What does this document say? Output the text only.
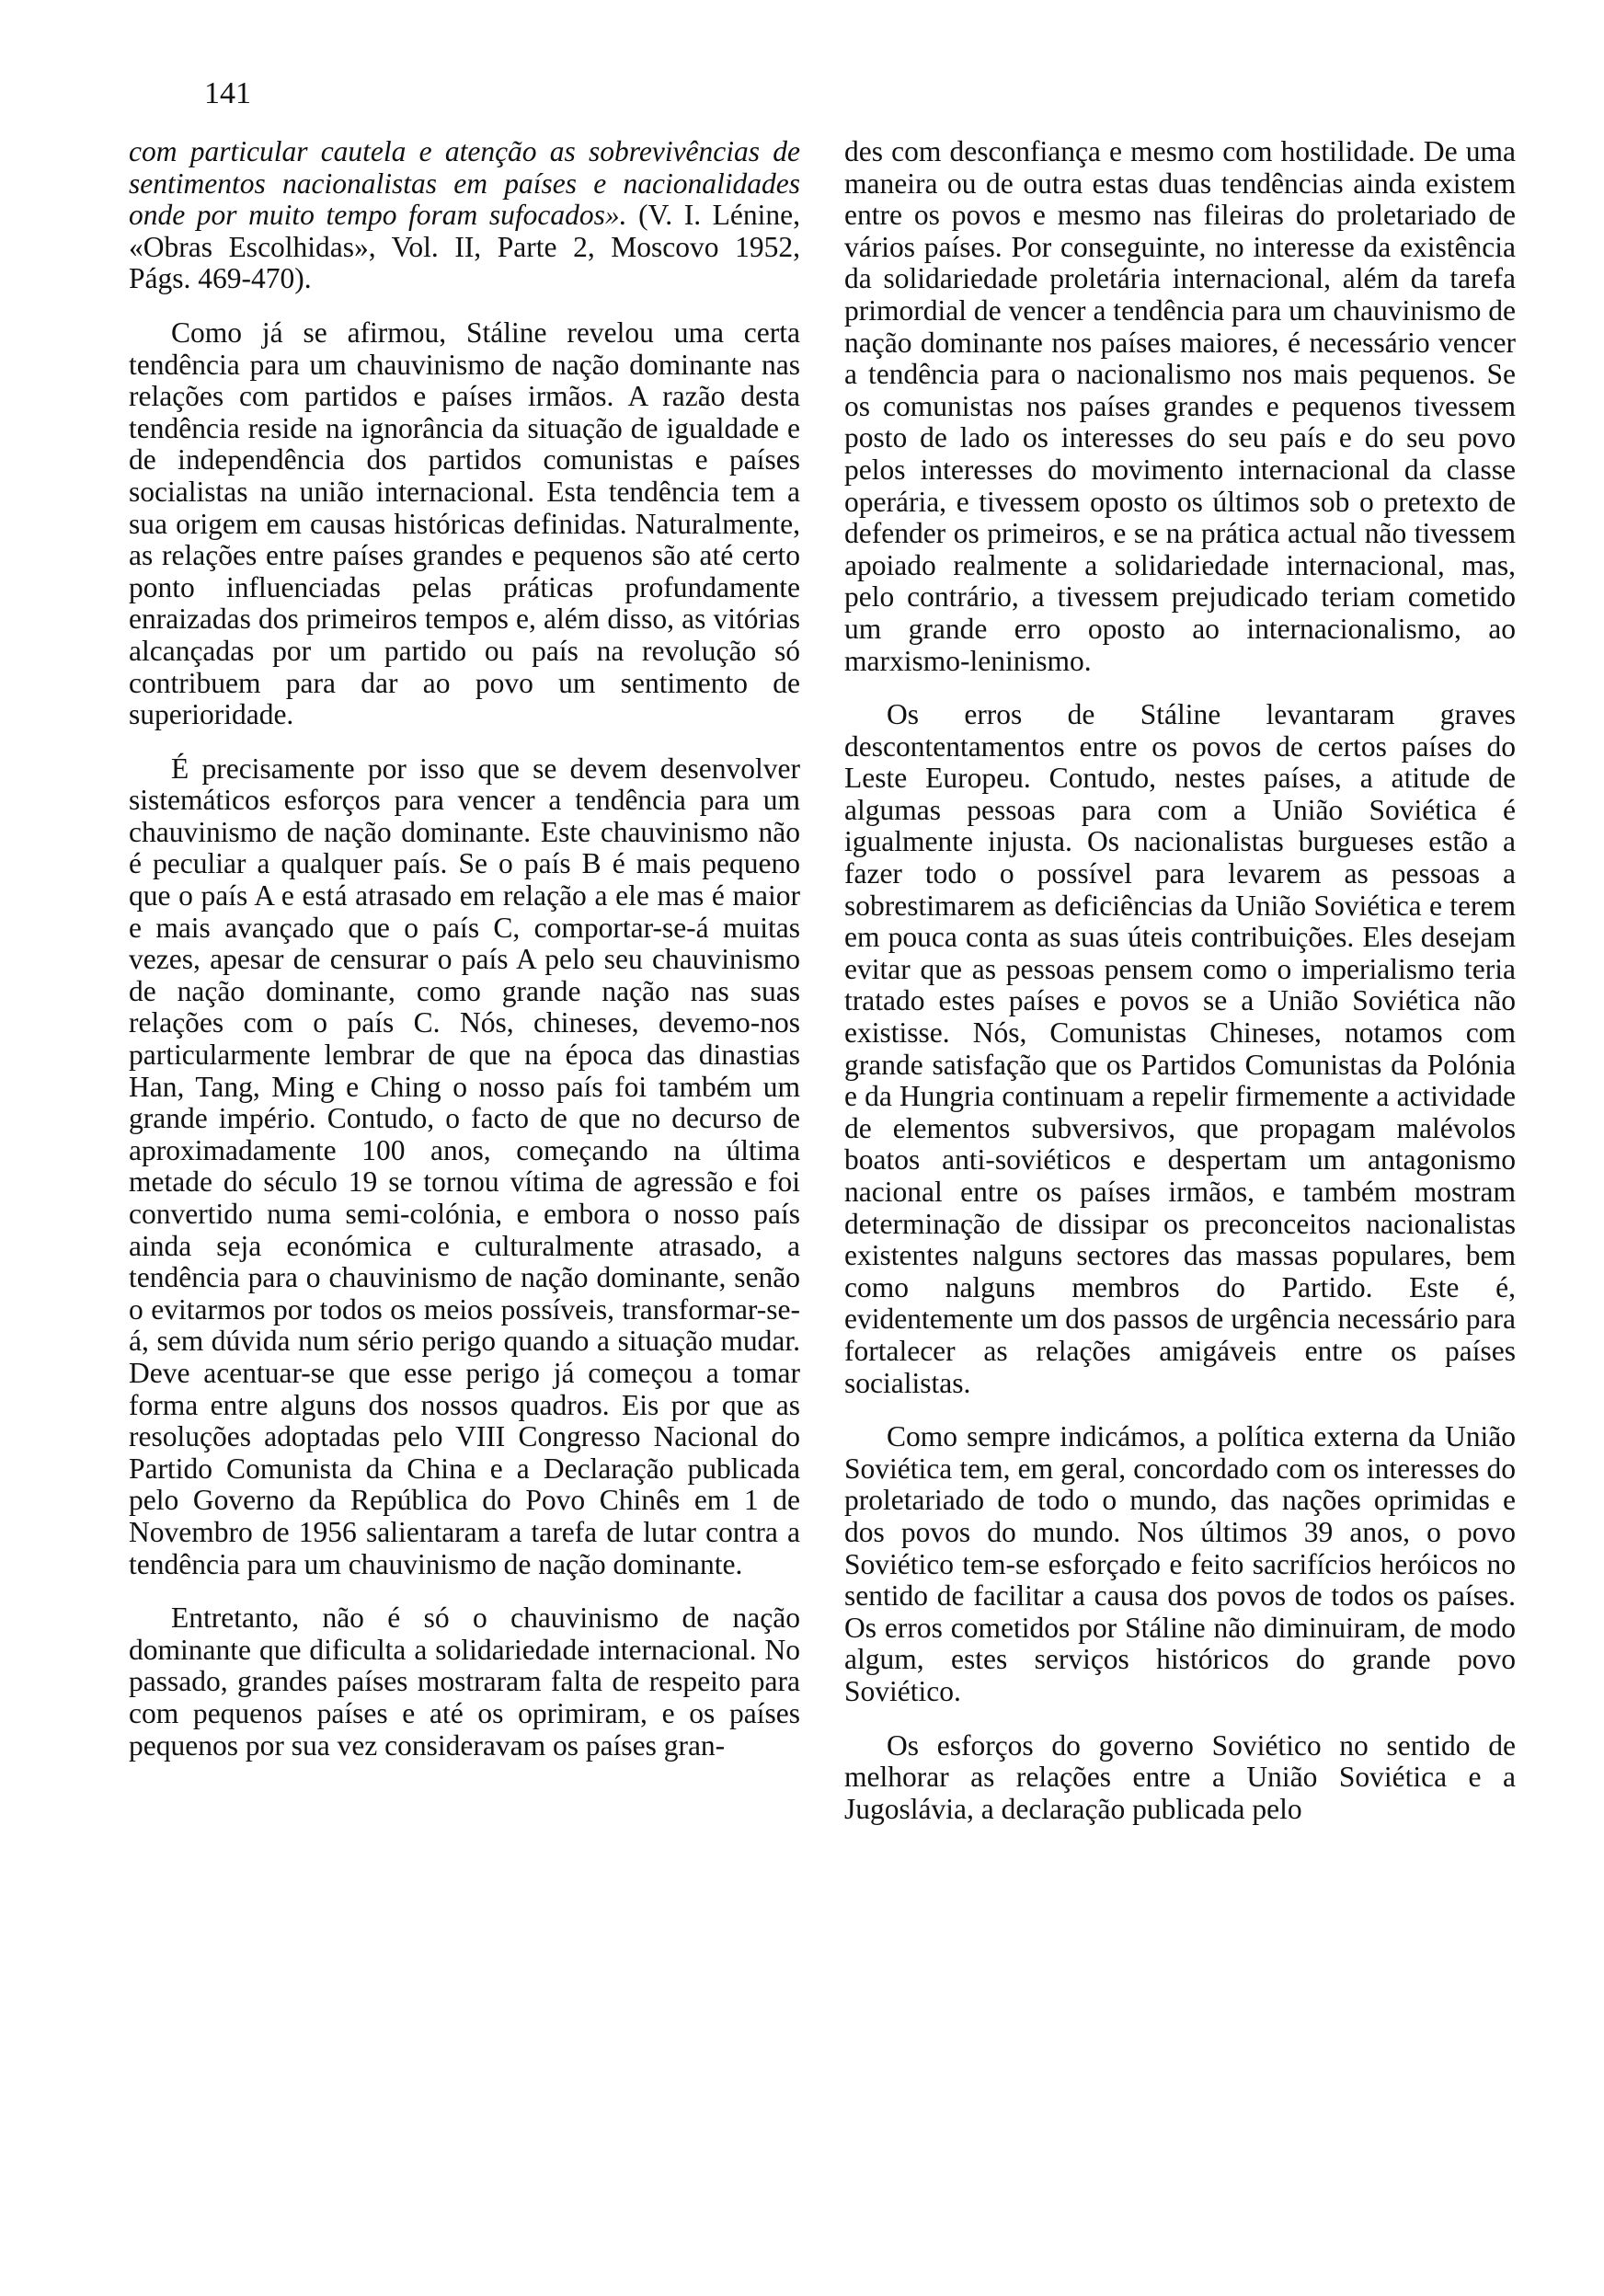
141

com particular cautela e atenção as sobrevivências de sentimentos nacionalistas em países e nacionalidades onde por muito tempo foram sufocados». (V. I. Lénine, «Obras Escolhidas», Vol. II, Parte 2, Moscovo 1952, Págs. 469-470).

Como já se afirmou, Stáline revelou uma certa tendência para um chauvinismo de nação dominante nas relações com partidos e países irmãos. A razão desta tendência reside na ignorância da situação de igualdade e de independência dos partidos comunistas e países socialistas na união internacional. Esta tendência tem a sua origem em causas históricas definidas. Naturalmente, as relações entre países grandes e pequenos são até certo ponto influenciadas pelas práticas profundamente enraizadas dos primeiros tempos e, além disso, as vitórias alcançadas por um partido ou país na revolução só contribuem para dar ao povo um sentimento de superioridade.

É precisamente por isso que se devem desenvolver sistemáticos esforços para vencer a tendência para um chauvinismo de nação dominante. Este chauvinismo não é peculiar a qualquer país. Se o país B é mais pequeno que o país A e está atrasado em relação a ele mas é maior e mais avançado que o país C, comportar-se-á muitas vezes, apesar de censurar o país A pelo seu chauvinismo de nação dominante, como grande nação nas suas relações com o país C. Nós, chineses, devemo-nos particularmente lembrar de que na época das dinastias Han, Tang, Ming e Ching o nosso país foi também um grande império. Contudo, o facto de que no decurso de aproximadamente 100 anos, começando na última metade do século 19 se tornou vítima de agressão e foi convertido numa semi-colónia, e embora o nosso país ainda seja económica e culturalmente atrasado, a tendência para o chauvinismo de nação dominante, senão o evitarmos por todos os meios possíveis, transformar-se-á, sem dúvida num sério perigo quando a situação mudar. Deve acentuar-se que esse perigo já começou a tomar forma entre alguns dos nossos quadros. Eis por que as resoluções adoptadas pelo VIII Congresso Nacional do Partido Comunista da China e a Declaração publicada pelo Governo da República do Povo Chinês em 1 de Novembro de 1956 salientaram a tarefa de lutar contra a tendência para um chauvinismo de nação dominante.

Entretanto, não é só o chauvinismo de nação dominante que dificulta a solidariedade internacional. No passado, grandes países mostraram falta de respeito para com pequenos países e até os oprimiram, e os países pequenos por sua vez consideravam os países gran-

des com desconfiança e mesmo com hostilidade. De uma maneira ou de outra estas duas tendências ainda existem entre os povos e mesmo nas fileiras do proletariado de vários países. Por conseguinte, no interesse da existência da solidariedade proletária internacional, além da tarefa primordial de vencer a tendência para um chauvinismo de nação dominante nos países maiores, é necessário vencer a tendência para o nacionalismo nos mais pequenos. Se os comunistas nos países grandes e pequenos tivessem posto de lado os interesses do seu país e do seu povo pelos interesses do movimento internacional da classe operária, e tivessem oposto os últimos sob o pretexto de defender os primeiros, e se na prática actual não tivessem apoiado realmente a solidariedade internacional, mas, pelo contrário, a tivessem prejudicado teriam cometido um grande erro oposto ao internacionalismo, ao marxismo-leninismo.

Os erros de Stáline levantaram graves descontentamentos entre os povos de certos países do Leste Europeu. Contudo, nestes países, a atitude de algumas pessoas para com a União Soviética é igualmente injusta. Os nacionalistas burgueses estão a fazer todo o possível para levarem as pessoas a sobrestimarem as deficiências da União Soviética e terem em pouca conta as suas úteis contribuições. Eles desejam evitar que as pessoas pensem como o imperialismo teria tratado estes países e povos se a União Soviética não existisse. Nós, Comunistas Chineses, notamos com grande satisfação que os Partidos Comunistas da Polónia e da Hungria continuam a repelir firmemente a actividade de elementos subversivos, que propagam malévolos boatos anti-soviéticos e despertam um antagonismo nacional entre os países irmãos, e também mostram determinação de dissipar os preconceitos nacionalistas existentes nalguns sectores das massas populares, bem como nalguns membros do Partido. Este é, evidentemente um dos passos de urgência necessário para fortalecer as relações amigáveis entre os países socialistas.

Como sempre indicámos, a política externa da União Soviética tem, em geral, concordado com os interesses do proletariado de todo o mundo, das nações oprimidas e dos povos do mundo. Nos últimos 39 anos, o povo Soviético tem-se esforçado e feito sacrifícios heróicos no sentido de facilitar a causa dos povos de todos os países. Os erros cometidos por Stáline não diminuiram, de modo algum, estes serviços históricos do grande povo Soviético.

Os esforços do governo Soviético no sentido de melhorar as relações entre a União Soviética e a Jugoslávia, a declaração publicada pelo
